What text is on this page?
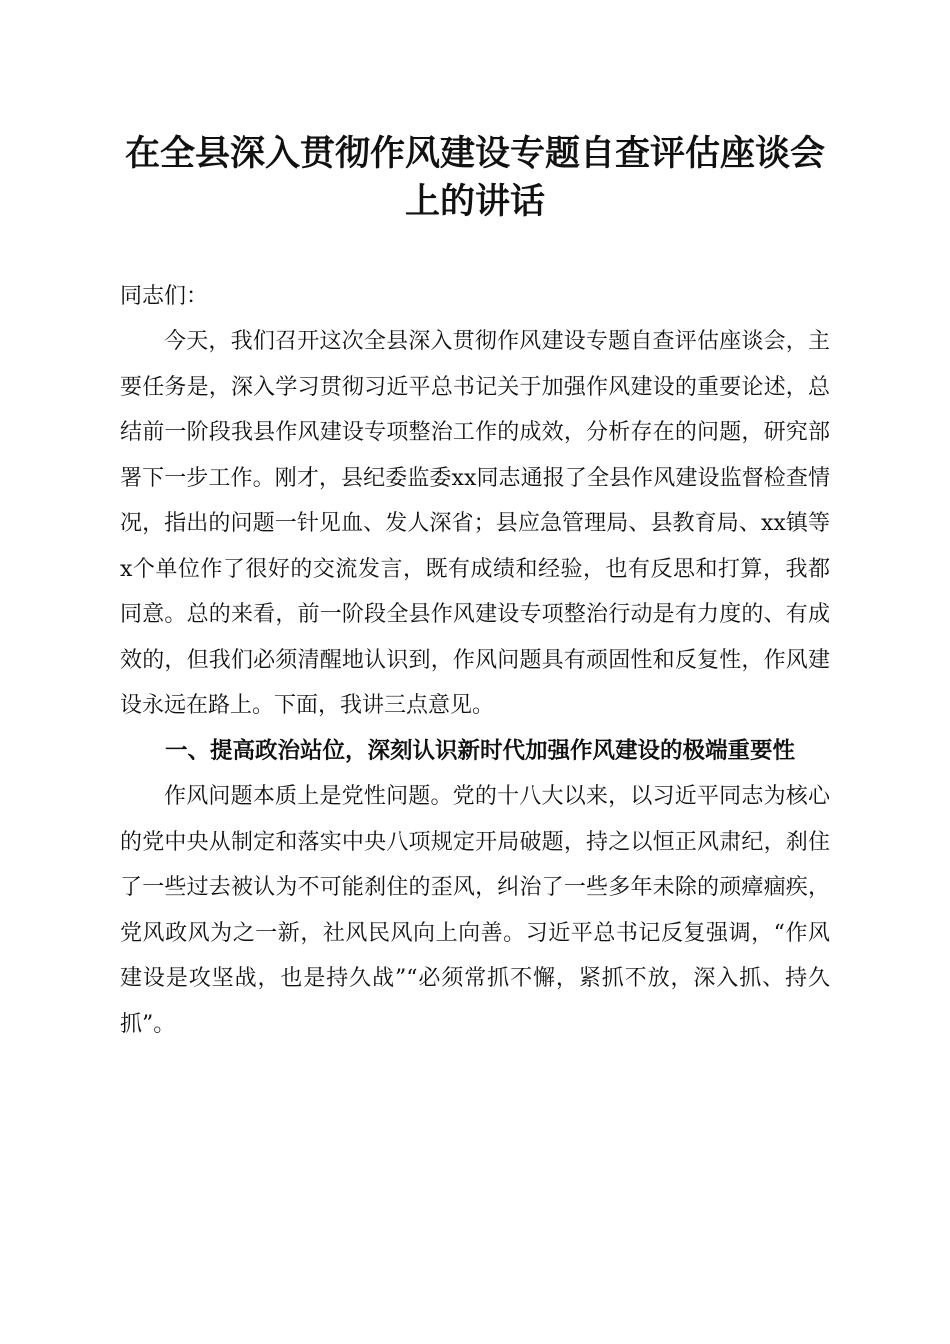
在全县深入贯彻作风建设专题自查评估座谈会上的讲话

同志们：

今天，我们召开这次全县深入贯彻作风建设专题自查评估座谈会，主要任务是，深入学习贯彻习近平总书记关于加强作风建设的重要论述，总结前一阶段我县作风建设专项整治工作的成效，分析存在的问题，研究部署下一步工作。刚才，县纪委监委xx同志通报了全县作风建设监督检查情况，指出的问题一针见血、发人深省；县应急管理局、县教育局、xx镇等x个单位作了很好的交流发言，既有成绩和经验，也有反思和打算，我都同意。总的来看，前一阶段全县作风建设专项整治行动是有力度的、有成效的，但我们必须清醒地认识到，作风问题具有顽固性和反复性，作风建设永远在路上。下面，我讲三点意见。

一、提高政治站位，深刻认识新时代加强作风建设的极端重要性

作风问题本质上是党性问题。党的十八大以来，以习近平同志为核心的党中央从制定和落实中央八项规定开局破题，持之以恒正风肃纪，刹住了一些过去被认为不可能刹住的歪风，纠治了一些多年未除的顽瘴痼疾，党风政风为之一新，社风民风向上向善。习近平总书记反复强调，“作风建设是攻坚战，也是持久战”“必须常抓不懈，紧抓不放，深入抓、持久抓”。
